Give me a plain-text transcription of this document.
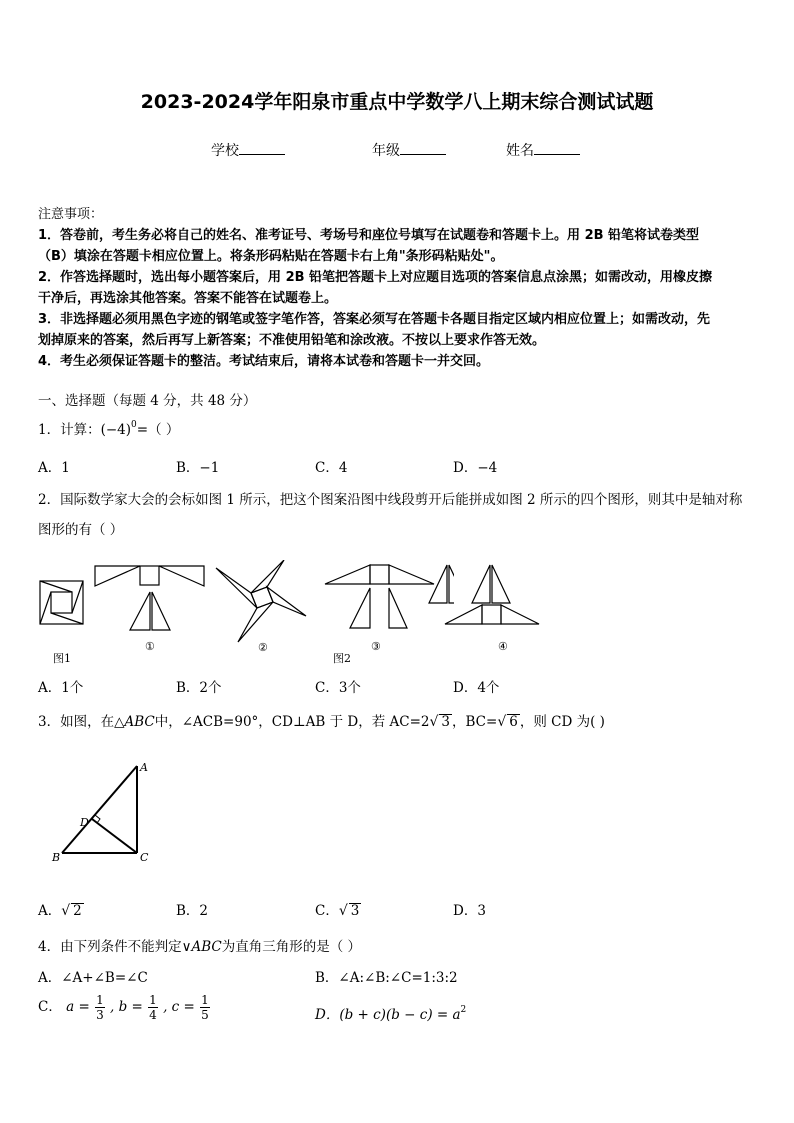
2023-2024学年阳泉市重点中学数学八上期末综合测试试题
学校	年级	姓名
注意事项：
1．答卷前，考生务必将自己的姓名、准考证号、考场号和座位号填写在试题卷和答题卡上。用 2B 铅笔将试卷类型
（B）填涂在答题卡相应位置上。将条形码粘贴在答题卡右上角"条形码粘贴处"。
2．作答选择题时，选出每小题答案后，用 2B 铅笔把答题卡上对应题目选项的答案信息点涂黑；如需改动，用橡皮擦
干净后，再选涂其他答案。答案不能答在试题卷上。
3．非选择题必须用黑色字迹的钢笔或签字笔作答，答案必须写在答题卡各题目指定区域内相应位置上；如需改动，先
划掉原来的答案，然后再写上新答案；不准使用铅笔和涂改液。不按以上要求作答无效。
4．考生必须保证答题卡的整洁。考试结束后，请将本试卷和答题卡一并交回。
一、选择题（每题 4 分，共 48 分）
1．计算：$(-4)^0=$（ ）
A．1	B．−1	C．4	D．−4
2．国际数学家大会的会标如图 1 所示，把这个图案沿图中线段剪开后能拼成如图 2 所示的四个图形，则其中是轴对称
图形的有（ ）
图1
①	②
图2
③	④
A．1个	B．2个	C．3个	D．4个
3．如图，在△ABC中，∠ACB=90°，CD⊥AB 于 D，若 AC=2√ 3 ，BC=√ 6 ，则 CD 为( )
A
B	C
D
A．√ 2	B．2	C．√ 3	D．3
4．由下列条件不能判定∨ABC为直角三角形的是（ ）
A．∠A+∠B=∠C	B．∠A:∠B:∠C=1:3:2
C． $a = \frac{1}{3}$ , $b = \frac{1}{4}$ , $c = \frac{1}{5}$	D．$(b + c)(b - c) = a^2$
